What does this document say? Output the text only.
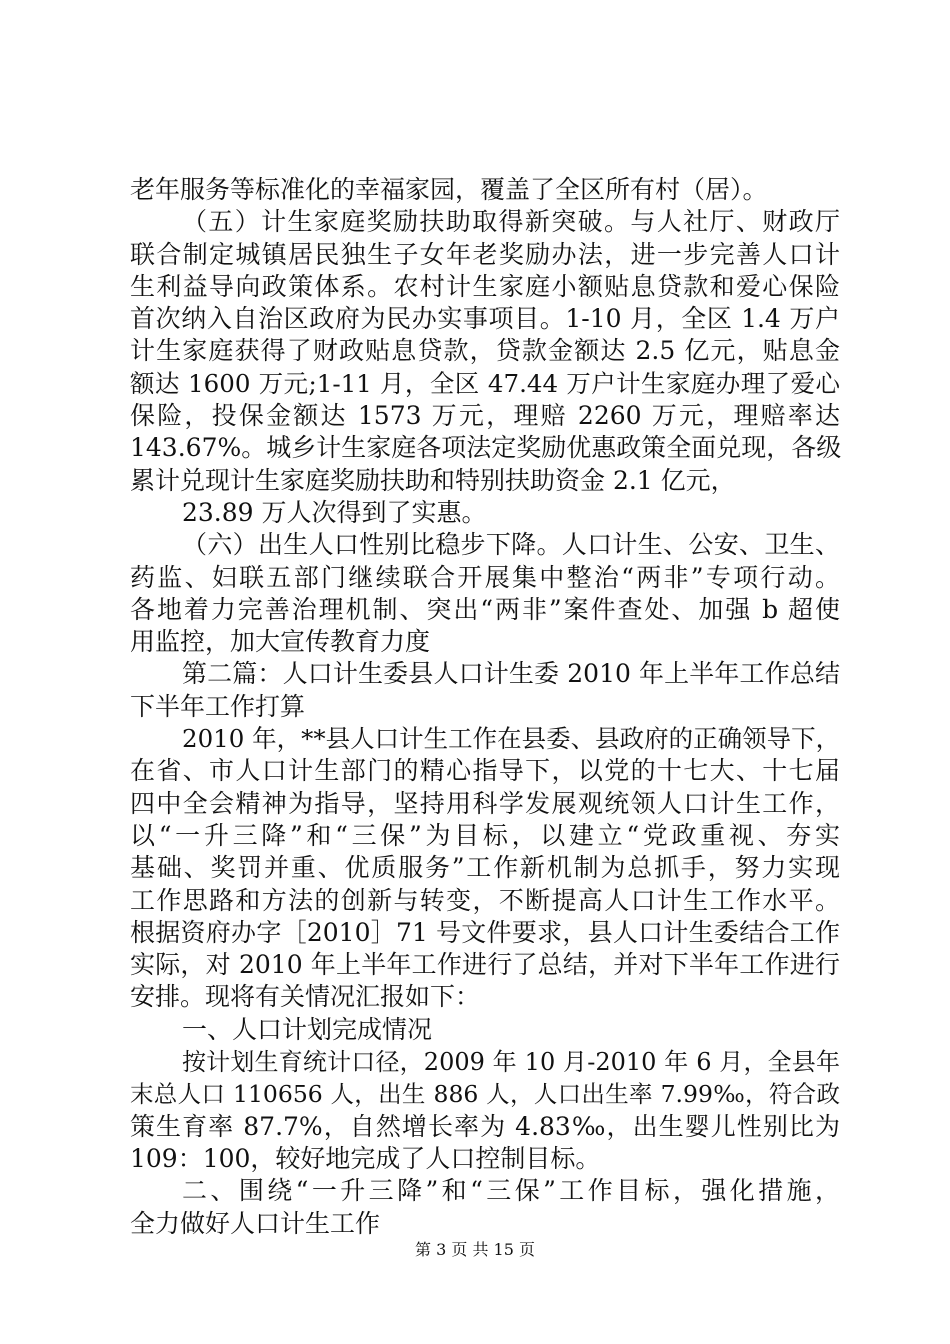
老年服务等标准化的幸福家园，覆盖了全区所有村（居）。
（五）计生家庭奖励扶助取得新突破。与人社厅、财政厅
联合制定城镇居民独生子女年老奖励办法，进一步完善人口计
生利益导向政策体系。农村计生家庭小额贴息贷款和爱心保险
首次纳入自治区政府为民办实事项目。1-10 月，全区 1.4 万户
计生家庭获得了财政贴息贷款，贷款金额达 2.5 亿元，贴息金
额达 1600 万元;1-11 月，全区 47.44 万户计生家庭办理了爱心
保险，投保金额达 1573 万元，理赔 2260 万元，理赔率达
143.67%。城乡计生家庭各项法定奖励优惠政策全面兑现，各级
累计兑现计生家庭奖励扶助和特别扶助资金 2.1 亿元，
23.89 万人次得到了实惠。
（六）出生人口性别比稳步下降。人口计生、公安、卫生、
药监、妇联五部门继续联合开展集中整治“两非”专项行动。
各地着力完善治理机制、突出“两非”案件查处、加强 b 超使
用监控，加大宣传教育力度
第二篇：人口计生委县人口计生委 2010 年上半年工作总结
下半年工作打算
2010 年，**县人口计生工作在县委、县政府的正确领导下，
在省、市人口计生部门的精心指导下，以党的十七大、十七届
四中全会精神为指导，坚持用科学发展观统领人口计生工作，
以“一升三降”和“三保”为目标，以建立“党政重视、夯实
基础、奖罚并重、优质服务”工作新机制为总抓手，努力实现
工作思路和方法的创新与转变，不断提高人口计生工作水平。
根据资府办字［2010］71 号文件要求，县人口计生委结合工作
实际，对 2010 年上半年工作进行了总结，并对下半年工作进行
安排。现将有关情况汇报如下：
一、人口计划完成情况
按计划生育统计口径，2009 年 10 月-2010 年 6 月，全县年
末总人口 110656 人，出生 886 人，人口出生率 7.99‰，符合政
策生育率 87.7%，自然增长率为 4.83‰，出生婴儿性别比为
109：100，较好地完成了人口控制目标。
二、围绕“一升三降”和“三保”工作目标，强化措施，
全力做好人口计生工作
第 3 页 共 15 页
